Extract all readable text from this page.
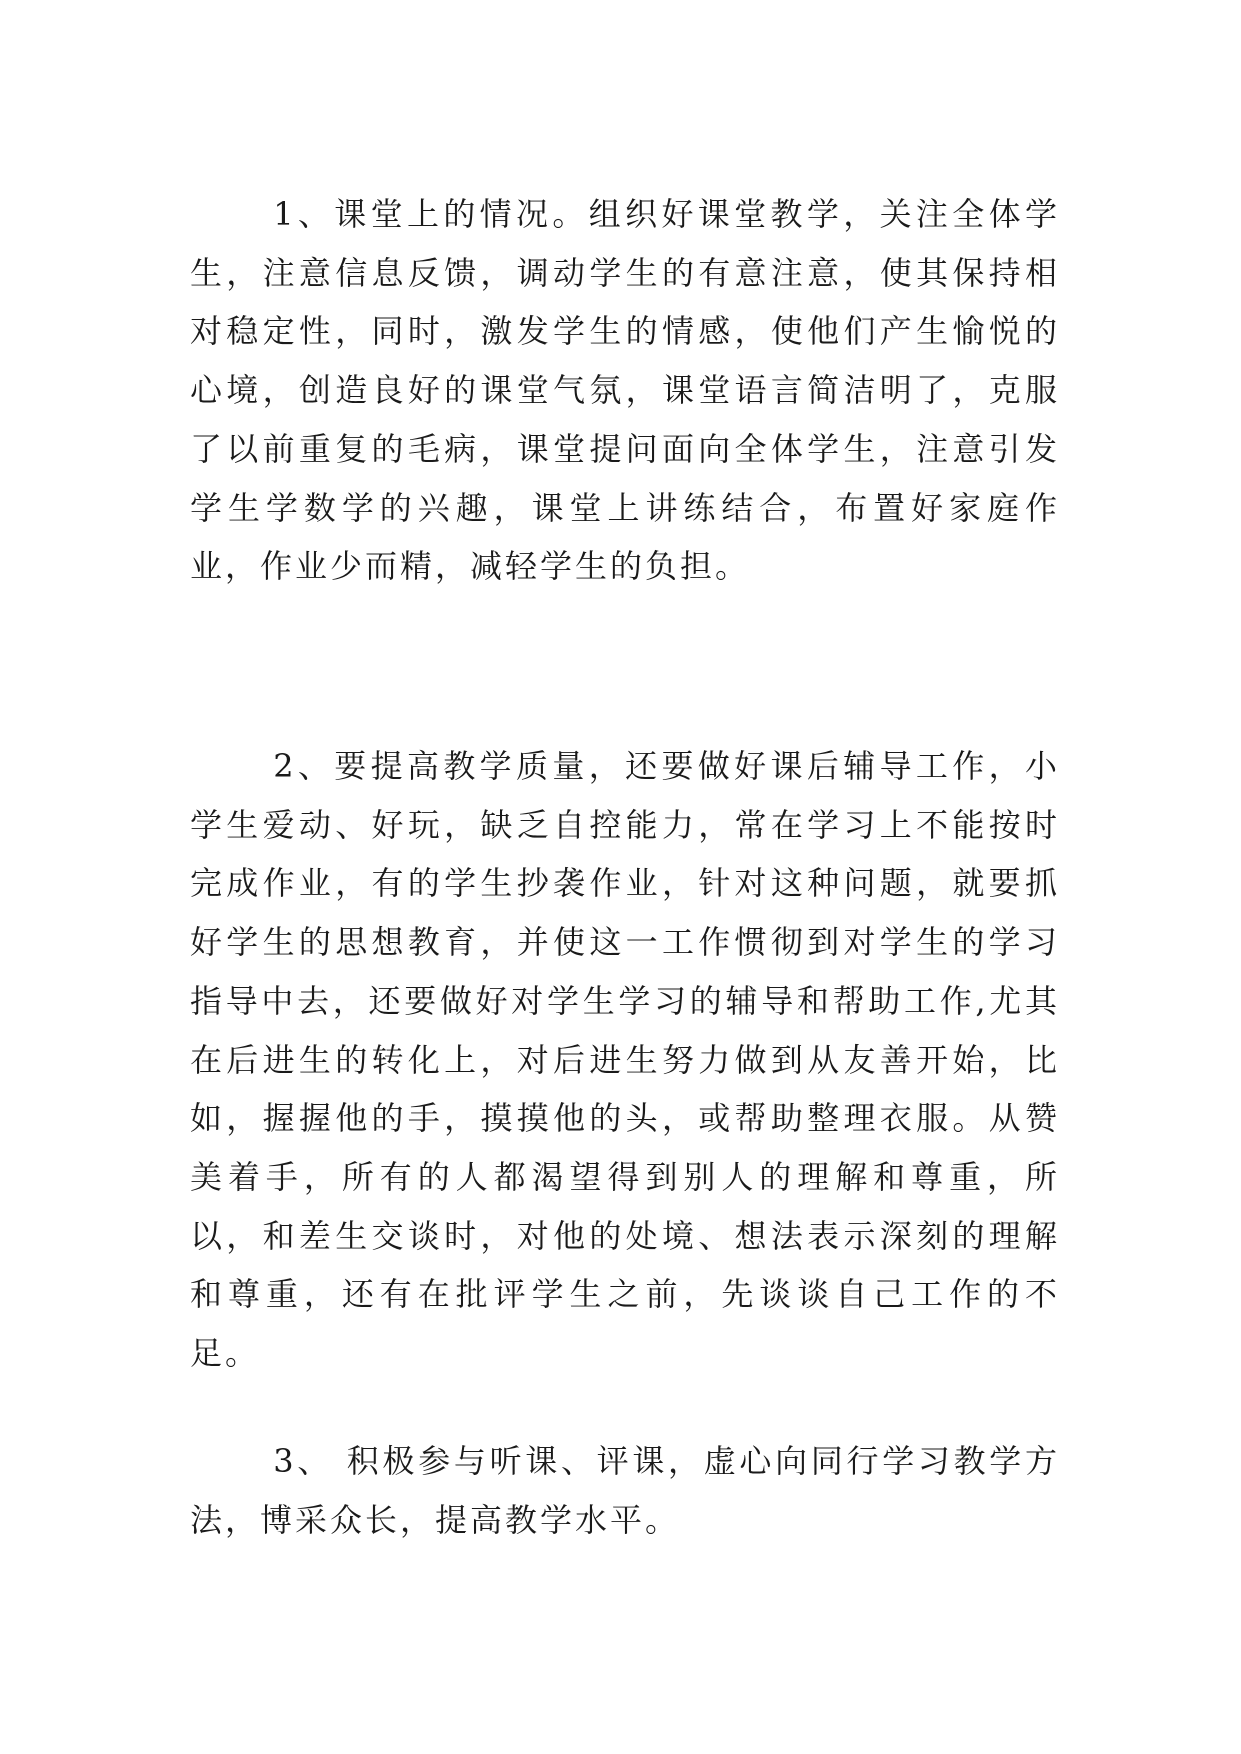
1、课堂上的情况。组织好课堂教学，关注全体学生，注意信息反馈，调动学生的有意注意，使其保持相对稳定性，同时，激发学生的情感，使他们产生愉悦的心境，创造良好的课堂气氛，课堂语言简洁明了，克服了以前重复的毛病，课堂提问面向全体学生，注意引发学生学数学的兴趣，课堂上讲练结合，布置好家庭作业，作业少而精，减轻学生的负担。

2、要提高教学质量，还要做好课后辅导工作，小学生爱动、好玩，缺乏自控能力，常在学习上不能按时完成作业，有的学生抄袭作业，针对这种问题，就要抓好学生的思想教育，并使这一工作惯彻到对学生的学习指导中去，还要做好对学生学习的辅导和帮助工作,尤其在后进生的转化上，对后进生努力做到从友善开始，比如，握握他的手，摸摸他的头，或帮助整理衣服。从赞美着手，所有的人都渴望得到别人的理解和尊重，所以，和差生交谈时，对他的处境、想法表示深刻的理解和尊重，还有在批评学生之前，先谈谈自己工作的不足。

3、 积极参与听课、评课，虚心向同行学习教学方法，博采众长，提高教学水平。
